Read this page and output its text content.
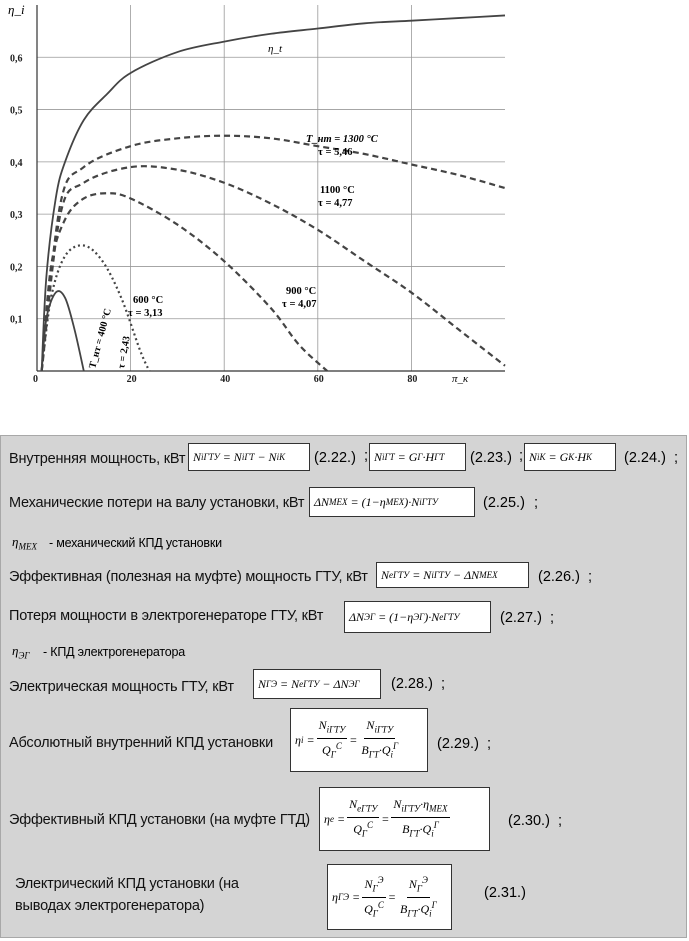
0	20	40	60	80
0,1
0,2
0,3
0,4
0,5
0,6
η_i
π_к
η_t
T_нт = 1300 °C
τ = 5,46
1100 °C
τ = 4,77
900 °C
τ = 4,07
600 °C
τ = 3,13
T_нт = 400 °C τ = 2,43
Внутренняя мощность, кВт N iГТУ = N iГТ − N iK (2.22.) ; N iГТ = G Г ·H ГТ (2.23.) ; N iK = G K ·H K (2.24.) ;
Механические потери на валу установки, кВт ΔN МЕХ = (1−η МЕХ )·N iГТУ	(2.25.) ;
$\eta_{МЕХ}$ - механический КПД установки
Эффективная (полезная на муфте) мощность ГТУ, кВт	N eГТУ = N iГТУ − ΔN МЕХ	(2.26.) ;
Потеря мощности в электрогенераторе ГТУ, кВт	ΔN ЭГ = (1−η ЭГ )·N eГТУ	(2.27.) ;
$\eta_{ЭГ}$ - КПД электрогенератора
Электрическая мощность ГТУ, кВт	N Г Э = N eГТУ − ΔN ЭГ (2.28.) ;
Абсолютный внутренний КПД установки	η $i = \frac{N_{iГТУ}}{Q_Г^C} = \frac{N_{iГТУ}}{B_{ГТ}\cdot Q_i^Г}$	(2.29.) ;
Эффективный КПД установки (на муфте ГТД)	η $e = \frac{N_{eГТУ}}{Q_Г^C} = \frac{N_{iГТУ}\cdot\eta_{МЕХ}}{B_{ГТ}\cdot Q_i^Г}$	(2.30.) ;
Электрический КПД установки (на
выводах электрогенератора)
η Г $Э = \frac{N_Г^Э}{Q_Г^C} = \frac{N_Г^Э}{B_{ГТ}\cdot Q_i^Г}$	(2.31.)
